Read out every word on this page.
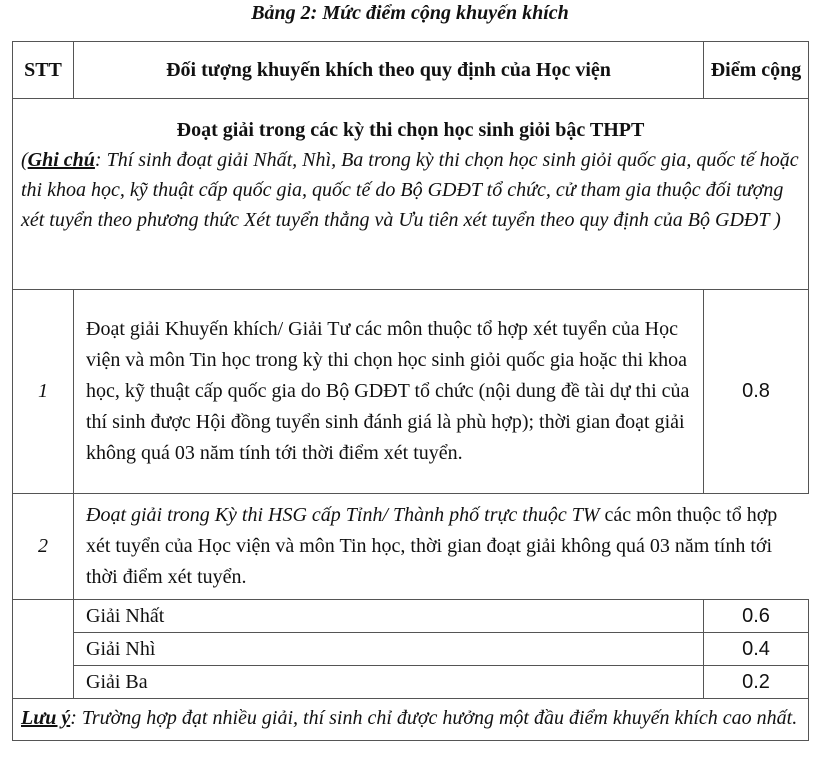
Bảng 2: Mức điểm cộng khuyến khích
STT	Đối tượng khuyến khích theo quy định của Học viện	Điểm cộng

Đoạt giải trong các kỳ thi chọn học sinh giỏi bậc THPT
(Ghi chú: Thí sinh đoạt giải Nhất, Nhì, Ba trong kỳ thi chọn học sinh giỏi quốc gia, quốc tế hoặc thi khoa học, kỹ thuật cấp quốc gia, quốc tế do Bộ GDĐT tổ chức, cử tham gia thuộc đối tượng xét tuyển theo phương thức Xét tuyển thẳng và Ưu tiên xét tuyển theo quy định của Bộ GDĐT )		

1	Đoạt giải Khuyến khích/ Giải Tư các môn thuộc tổ hợp xét tuyển của Học viện và môn Tin học trong kỳ thi chọn học sinh giỏi quốc gia hoặc thi khoa học, kỹ thuật cấp quốc gia do Bộ GDĐT tổ chức (nội dung đề tài dự thi của thí sinh được Hội đồng tuyển sinh đánh giá là phù hợp); thời gian đoạt giải không quá 03 năm tính tới thời điểm xét tuyển.	0.8
2	Đoạt giải trong Kỳ thi HSG cấp Tỉnh/ Thành phố trực thuộc TW các môn thuộc tổ hợp xét tuyển của Học viện và môn Tin học, thời gian đoạt giải không quá 03 năm tính tới thời điểm xét tuyển.	
	Giải Nhất	0.6
	Giải Nhì	0.4
	Giải Ba	0.2
Lưu ý: Trường hợp đạt nhiều giải, thí sinh chỉ được hưởng một đầu điểm khuyến khích cao nhất.		
